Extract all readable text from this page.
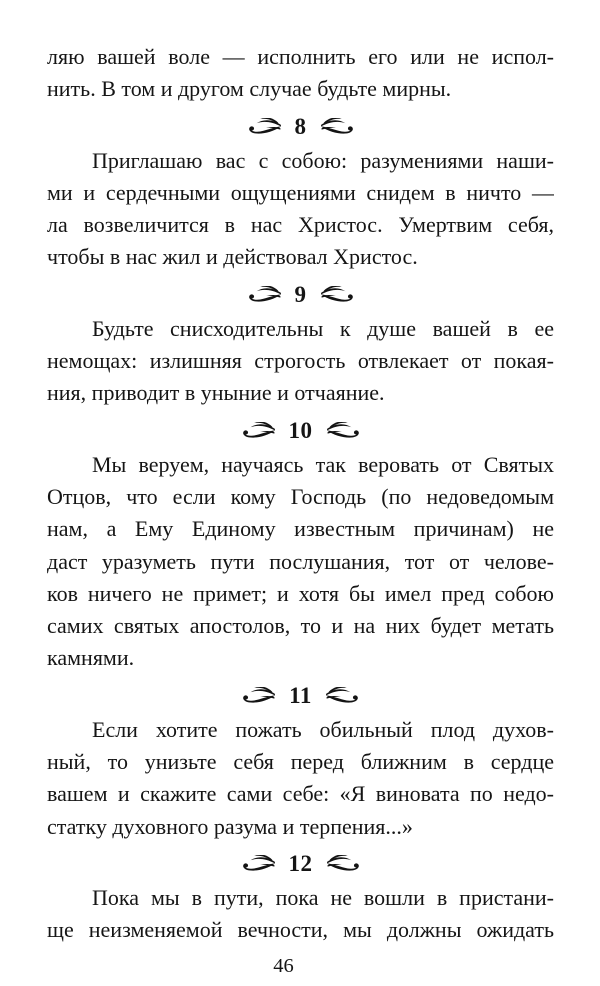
ляю вашей воле — исполнить его или не испол-
нить. В том и другом случае будьте мирны.
8
Приглашаю вас с собою: разумениями наши-
ми и сердечными ощущениями снидем в ничто —
ла возвеличится в нас Христос. Умертвим себя,
чтобы в нас жил и действовал Христос.
9
Будьте снисходительны к душе вашей в ее
немощах: излишняя строгость отвлекает от покая-
ния, приводит в уныние и отчаяние.
10
Мы веруем, научаясь так веровать от Святых
Отцов, что если кому Господь (по недоведомым
нам, а Ему Единому известным причинам) не
даст уразуметь пути послушания, тот от челове-
ков ничего не примет; и хотя бы имел пред собою
самих святых апостолов, то и на них будет метать
камнями.
11
Если хотите пожать обильный плод духов-
ный, то унизьте себя перед ближним в сердце
вашем и скажите сами себе: «Я виновата по недо-
статку духовного разума и терпения...»
12
Пока мы в пути, пока не вошли в пристани-
ще неизменяемой вечности, мы должны ожидать
46
